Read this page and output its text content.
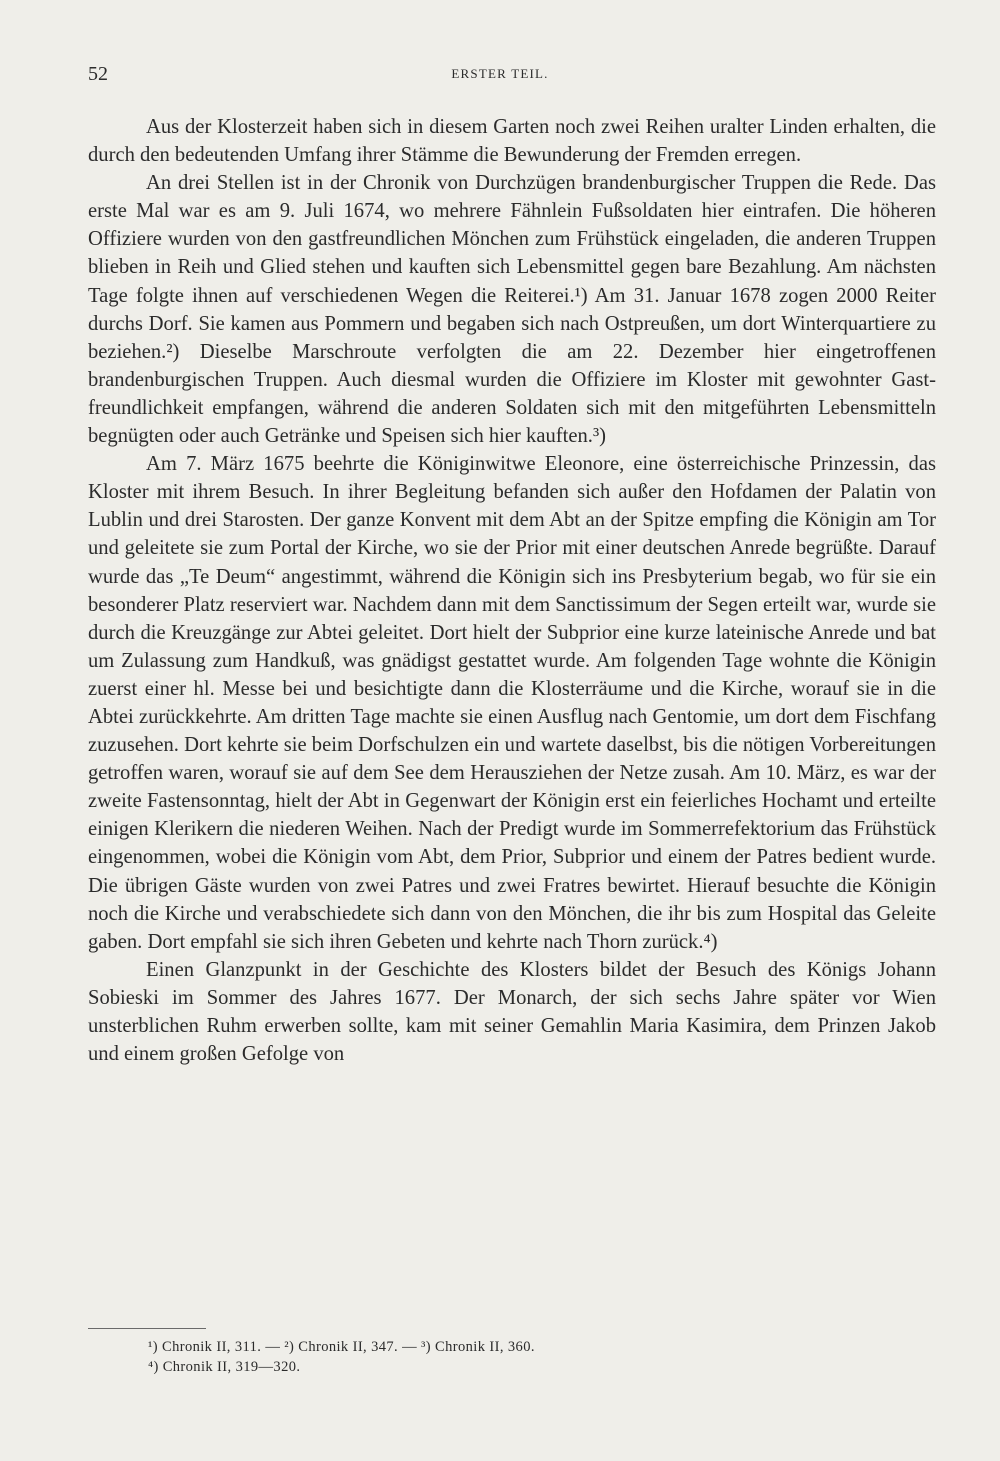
52	ERSTER TEIL.

Aus der Klosterzeit haben sich in diesem Garten noch zwei Reihen uralter Linden erhalten, die durch den bedeutenden Umfang ihrer Stämme die Bewunderung der Fremden erregen.

An drei Stellen ist in der Chronik von Durchzügen brandenburgischer Truppen die Rede. Das erste Mal war es am 9. Juli 1674, wo mehrere Fähnlein Fußsoldaten hier eintrafen. Die höheren Offiziere wurden von den gastfreundlichen Mönchen zum Frühstück eingeladen, die anderen Truppen blieben in Reih und Glied stehen und kauften sich Lebensmittel gegen bare Bezahlung. Am nächsten Tage folgte ihnen auf verschiedenen Wegen die Reiterei.¹) Am 31. Januar 1678 zogen 2000 Reiter durchs Dorf. Sie kamen aus Pommern und begaben sich nach Ostpreußen, um dort Winterquartiere zu beziehen.²) Dieselbe Marschroute verfolgten die am 22. Dezember hier eingetroffenen brandenburgischen Truppen. Auch diesmal wurden die Offiziere im Kloster mit gewohnter Gastfreundlichkeit empfangen, während die anderen Soldaten sich mit den mitgeführten Lebensmitteln begnügten oder auch Getränke und Speisen sich hier kauften.³)

Am 7. März 1675 beehrte die Königinwitwe Eleonore, eine österreichische Prinzessin, das Kloster mit ihrem Besuch. In ihrer Begleitung befanden sich außer den Hofdamen der Palatin von Lublin und drei Starosten. Der ganze Konvent mit dem Abt an der Spitze empfing die Königin am Tor und geleitete sie zum Portal der Kirche, wo sie der Prior mit einer deutschen Anrede begrüßte. Darauf wurde das „Te Deum“ angestimmt, während die Königin sich ins Presbyterium begab, wo für sie ein besonderer Platz reserviert war. Nachdem dann mit dem Sanctissimum der Segen erteilt war, wurde sie durch die Kreuzgänge zur Abtei geleitet. Dort hielt der Subprior eine kurze lateinische Anrede und bat um Zulassung zum Handkuß, was gnädigst gestattet wurde. Am folgenden Tage wohnte die Königin zuerst einer hl. Messe bei und besichtigte dann die Klosterräume und die Kirche, worauf sie in die Abtei zurückkehrte. Am dritten Tage machte sie einen Ausflug nach Gentomie, um dort dem Fischfang zuzusehen. Dort kehrte sie beim Dorfschulzen ein und wartete daselbst, bis die nötigen Vorbereitungen getroffen waren, worauf sie auf dem See dem Herausziehen der Netze zusah. Am 10. März, es war der zweite Fastensonntag, hielt der Abt in Gegenwart der Königin erst ein feierliches Hochamt und erteilte einigen Klerikern die niederen Weihen. Nach der Predigt wurde im Sommerrefektorium das Frühstück eingenommen, wobei die Königin vom Abt, dem Prior, Subprior und einem der Patres bedient wurde. Die übrigen Gäste wurden von zwei Patres und zwei Fratres bewirtet. Hierauf besuchte die Königin noch die Kirche und verabschiedete sich dann von den Mönchen, die ihr bis zum Hospital das Geleite gaben. Dort empfahl sie sich ihren Gebeten und kehrte nach Thorn zurück.⁴)

Einen Glanzpunkt in der Geschichte des Klosters bildet der Besuch des Königs Johann Sobieski im Sommer des Jahres 1677. Der Monarch, der sich sechs Jahre später vor Wien unsterblichen Ruhm erwerben sollte, kam mit seiner Gemahlin Maria Kasimira, dem Prinzen Jakob und einem großen Gefolge von

¹) Chronik II, 311. — ²) Chronik II, 347. — ³) Chronik II, 360.
⁴) Chronik II, 319—320.
